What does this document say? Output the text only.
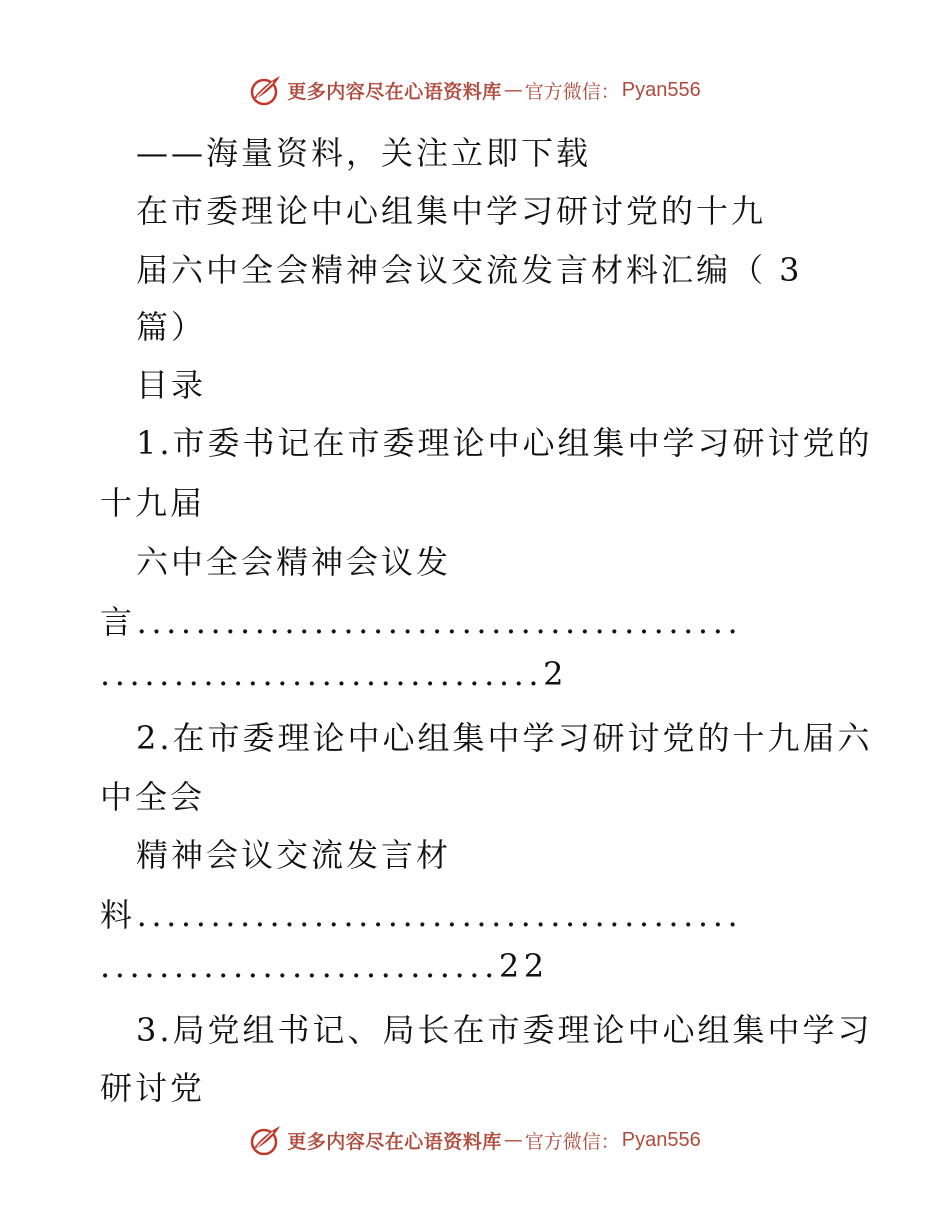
更多内容尽在心语资料库 — 官方微信： Pyan556
——海量资料，关注立即下载
在市委理论中心组集中学习研讨党的十九
届六中全会精神会议交流发言材料汇编（ 3
篇）
目录
1.市委书记在市委理论中心组集中学习研讨党的
十九届
六中全会精神会议发
言.........................................
..............................2
2.在市委理论中心组集中学习研讨党的十九届六
中全会
精神会议交流发言材
料.........................................
...........................22
3.局党组书记、局长在市委理论中心组集中学习
研讨党
更多内容尽在心语资料库 — 官方微信： Pyan556
